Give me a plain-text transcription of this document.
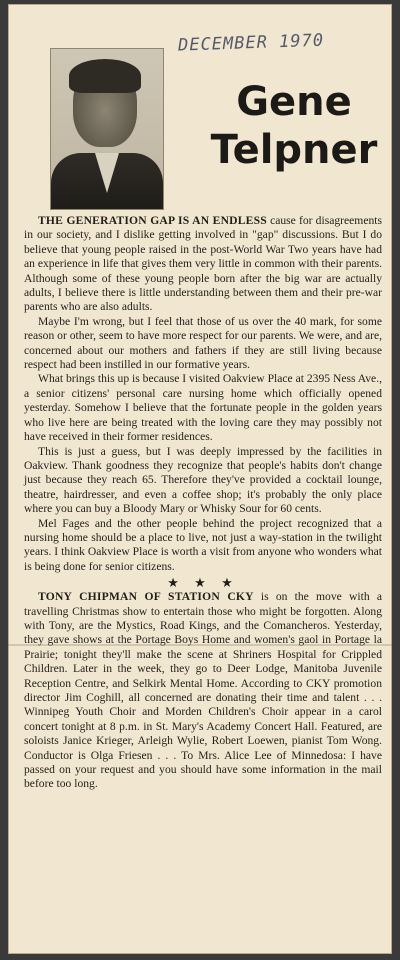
DECEMBER 1970
Gene
Telpner

THE GENERATION GAP IS AN ENDLESS cause for disagreements in our society, and I dislike getting involved in "gap" discussions. But I do believe that young people raised in the post-World War Two years have had an experience in life that gives them very little in common with their parents. Although some of these young people born after the big war are actually adults, I believe there is little understanding between them and their pre-war parents who are also adults.

Maybe I'm wrong, but I feel that those of us over the 40 mark, for some reason or other, seem to have more respect for our parents. We were, and are, concerned about our mothers and fathers if they are still living because respect had been instilled in our formative years.

What brings this up is because I visited Oakview Place at 2395 Ness Ave., a senior citizens' personal care nursing home which officially opened yesterday. Somehow I believe that the fortunate people in the golden years who live here are being treated with the loving care they may possibly not have received in their former residences.

This is just a guess, but I was deeply impressed by the facilities in Oakview. Thank goodness they recognize that people's habits don't change just because they reach 65. Therefore they've provided a cocktail lounge, theatre, hairdresser, and even a coffee shop; it's probably the only place where you can buy a Bloody Mary or Whisky Sour for 60 cents.

Mel Fages and the other people behind the project recognized that a nursing home should be a place to live, not just a way-station in the twilight years. I think Oakview Place is worth a visit from anyone who wonders what is being done for senior citizens.

★ ★ ★

TONY CHIPMAN OF STATION CKY is on the move with a travelling Christmas show to entertain those who might be forgotten. Along with Tony, are the Mystics, Road Kings, and the Comancheros. Yesterday, they gave shows at the Portage Boys Home and women's gaol in Portage la Prairie; tonight they'll make the scene at Shriners Hospital for Crippled Children. Later in the week, they go to Deer Lodge, Manitoba Juvenile Reception Centre, and Selkirk Mental Home. According to CKY promotion director Jim Coghill, all concerned are donating their time and talent . . . Winnipeg Youth Choir and Morden Children's Choir appear in a carol concert tonight at 8 p.m. in St. Mary's Academy Concert Hall. Featured, are soloists Janice Krieger, Arleigh Wylie, Robert Loewen, pianist Tom Wong. Conductor is Olga Friesen . . . To Mrs. Alice Lee of Minnedosa: I have passed on your request and you should have some information in the mail before too long.
